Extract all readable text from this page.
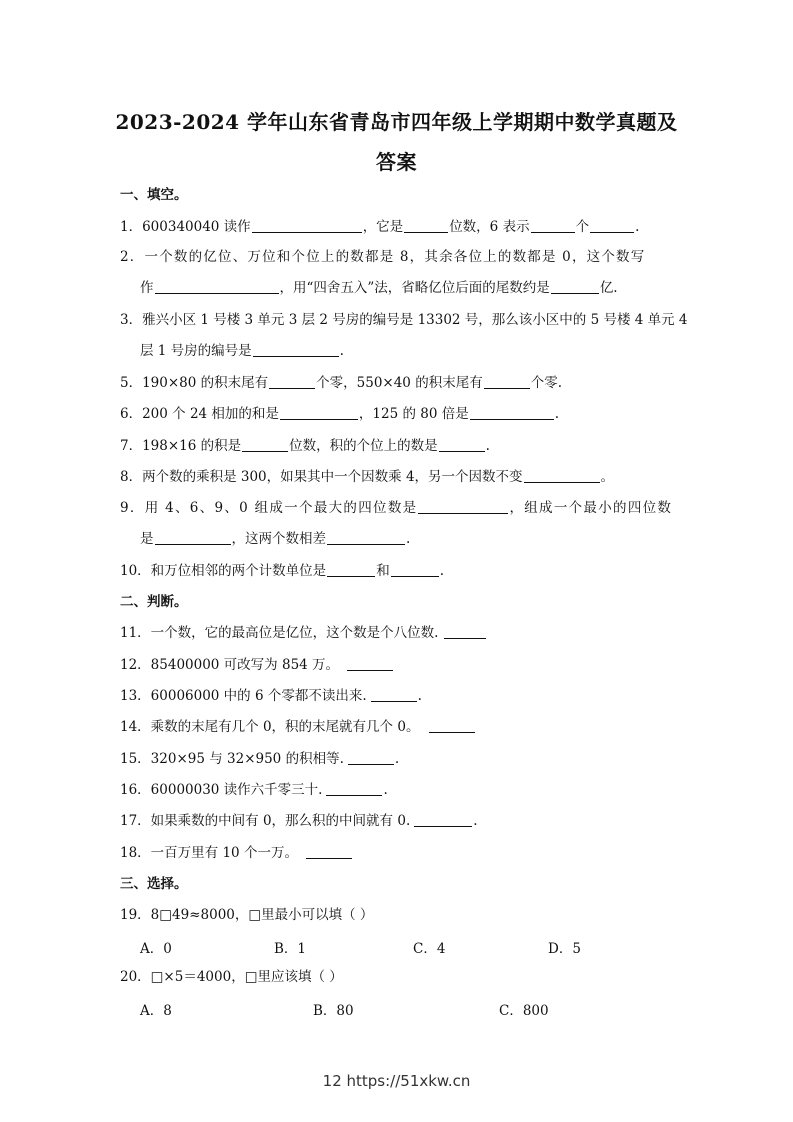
2023-2024 学年山东省青岛市四年级上学期期中数学真题及
答案
一、填空。
1．600340040 读作	，它是	位数，6 表示	个	.
2．一个数的亿位、万位和个位上的数都是 8，其余各位上的数都是 0，这个数写
作	，用“四舍五入”法，省略亿位后面的尾数约是	亿.
3．雅兴小区 1 号楼 3 单元 3 层 2 号房的编号是 13302 号，那么该小区中的 5 号楼 4 单元 4
层 1 号房的编号是	.
5．190×80 的积末尾有	个零，550×40 的积末尾有	个零.
6．200 个 24 相加的和是	，125 的 80 倍是	.
7．198×16 的积是	位数，积的个位上的数是	.
8．两个数的乘积是 300，如果其中一个因数乘 4，另一个因数不变	。
9．用 4、6、9、0 组成一个最大的四位数是	，组成一个最小的四位数
是	，这两个数相差	.
10．和万位相邻的两个计数单位是	和	.
二、判断。
11．一个数，它的最高位是亿位，这个数是个八位数.
12．85400000 可改写为 854 万。
13．60006000 中的 6 个零都不读出来.	.
14．乘数的末尾有几个 0，积的末尾就有几个 0。
15．320×95 与 32×950 的积相等.	.
16．60000030 读作六千零三十.	.
17．如果乘数的中间有 0，那么积的中间就有 0.	.
18．一百万里有 10 个一万。
三、选择。
19．8□49≈8000，□里最小可以填（ ）
A．0	B．1	C．4	D．5
20．□×5＝4000，□里应该填（ ）
A．8	B．80	C．800
12 https://51xkw.cn
